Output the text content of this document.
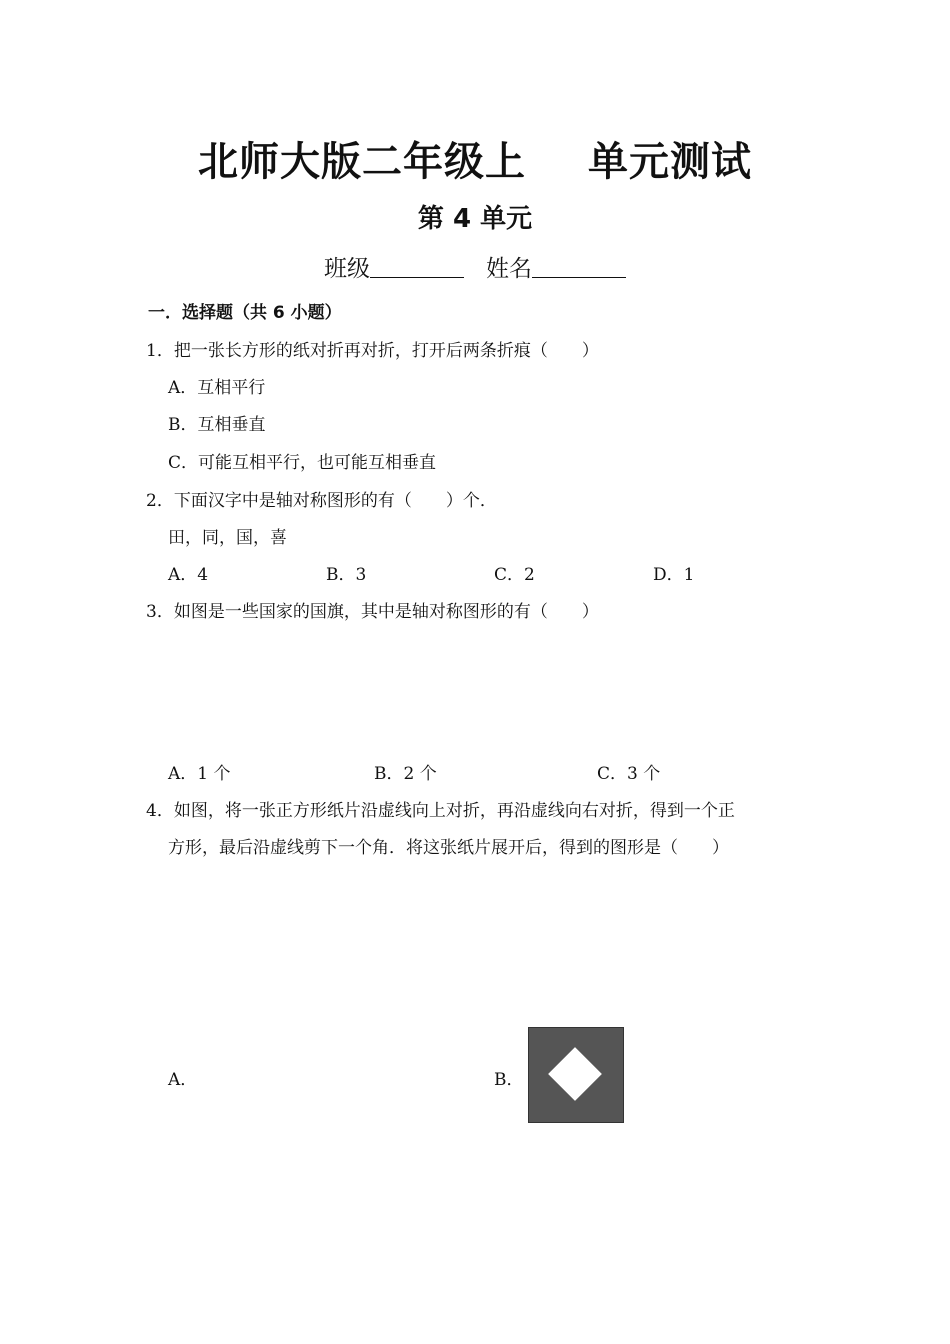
北师大版二年级上 单元测试
第 4 单元
班级	姓名
一．选择题（共 6 小题）
1．把一张长方形的纸对折再对折，打开后两条折痕（ ）
A．互相平行
B．互相垂直
C．可能互相平行，也可能互相垂直
2．下面汉字中是轴对称图形的有（ ）个．
田，同，国，喜
A．4	B．3	C．2	D．1
3．如图是一些国家的国旗，其中是轴对称图形的有（ ）
A．1 个	B．2 个	C．3 个
4．如图，将一张正方形纸片沿虚线向上对折，再沿虚线向右对折，得到一个正
方形，最后沿虚线剪下一个角．将这张纸片展开后，得到的图形是（ ）
A．	B．
